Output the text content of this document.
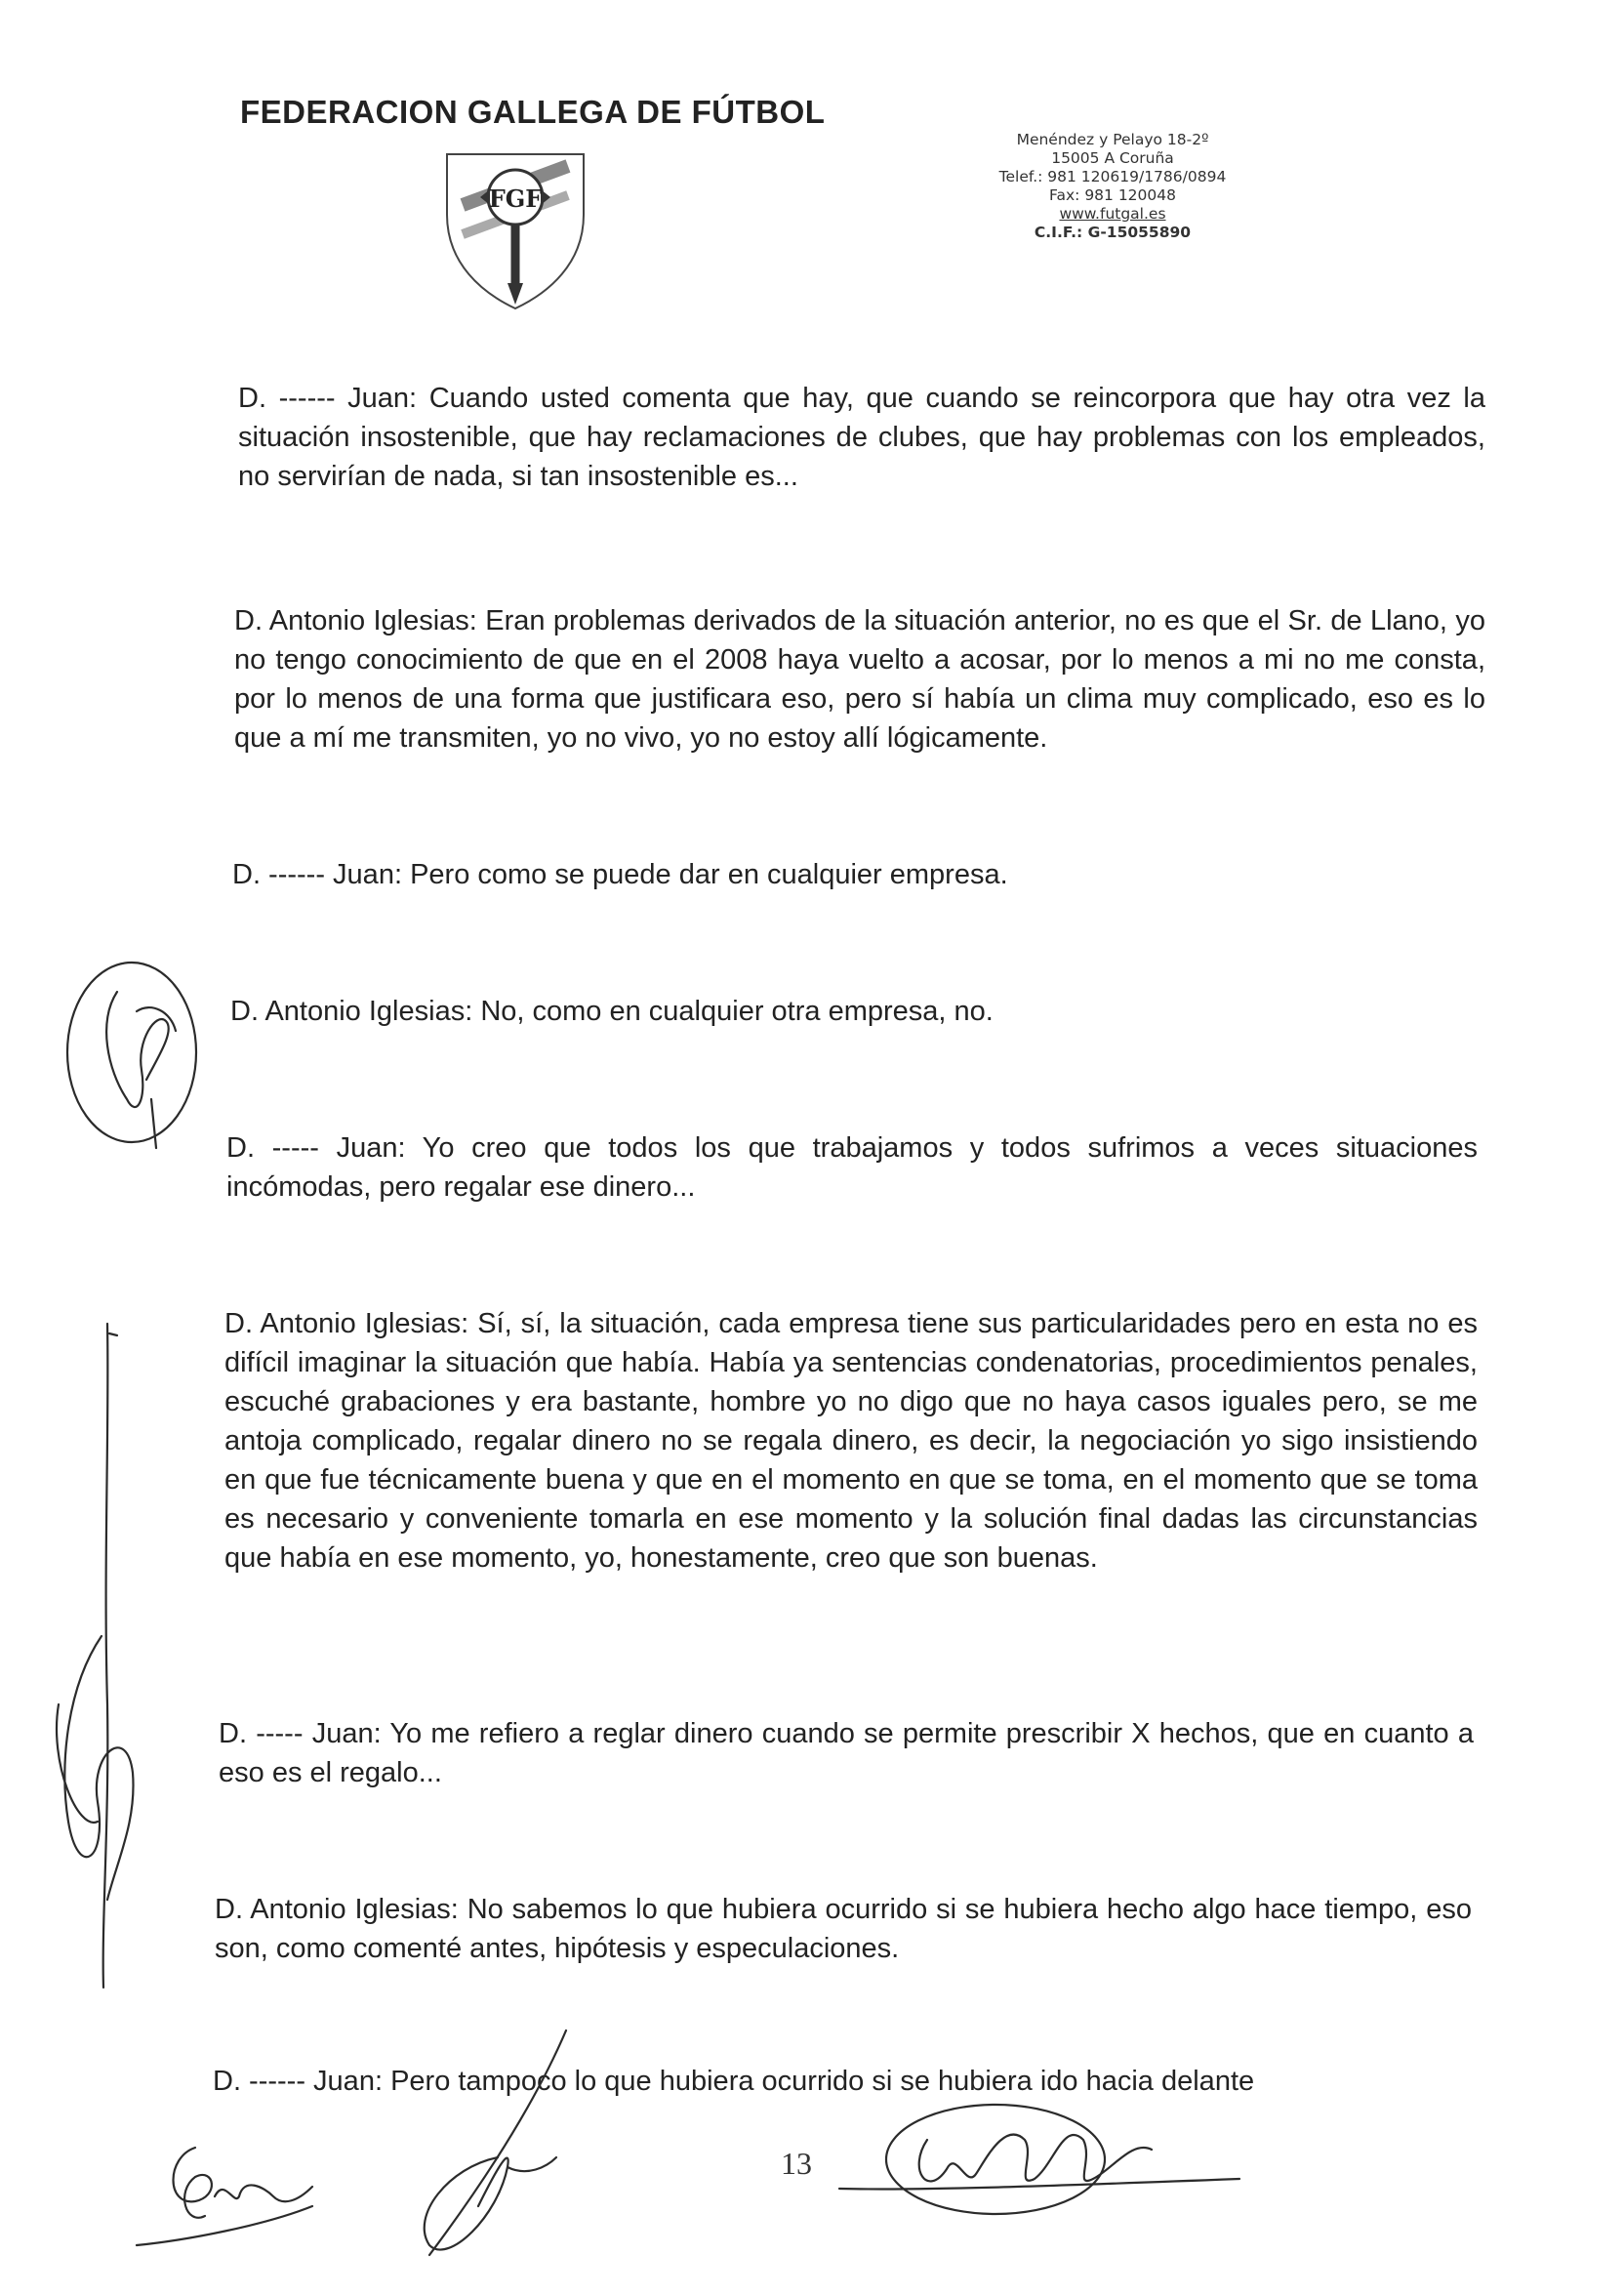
FEDERACION GALLEGA DE FÚTBOL
FGF
Menéndez y Pelayo 18-2º
15005 A Coruña
Telef.: 981 120619/1786/0894
Fax: 981 120048
www.futgal.es
C.I.F.: G-15055890
D. ------ Juan: Cuando usted comenta que hay, que cuando se reincorpora que hay otra vez la situación insostenible, que hay reclamaciones de clubes, que hay problemas con los empleados, no servirían de nada, si tan insostenible es...
D. Antonio Iglesias: Eran problemas derivados de la situación anterior, no es que el Sr. de Llano, yo no tengo conocimiento de que en el 2008 haya vuelto a acosar, por lo menos a mi no me consta, por lo menos de una forma que justificara eso, pero sí había un clima muy complicado, eso es lo que a mí me transmiten, yo no vivo, yo no estoy allí lógicamente.
D. ------ Juan: Pero como se puede dar en cualquier empresa.
D. Antonio Iglesias: No, como en cualquier otra empresa, no.
D. ----- Juan: Yo creo que todos los que trabajamos y todos sufrimos a veces situaciones incómodas, pero regalar ese dinero...
D. Antonio Iglesias: Sí, sí, la situación, cada empresa tiene sus particularidades pero en esta no es difícil imaginar la situación que había. Había ya sentencias condenatorias, procedimientos penales, escuché grabaciones y era bastante, hombre yo no digo que no haya casos iguales pero, se me antoja complicado, regalar dinero no se regala dinero, es decir, la negociación yo sigo insistiendo en que fue técnicamente buena y que en el momento en que se toma, en el momento que se toma es necesario y conveniente tomarla en ese momento y la solución final dadas las circunstancias que había en ese momento, yo, honestamente, creo que son buenas.
D. ----- Juan: Yo me refiero a reglar dinero cuando se permite prescribir X hechos, que en cuanto a eso es el regalo...
D. Antonio Iglesias: No sabemos lo que hubiera ocurrido si se hubiera hecho algo hace tiempo, eso son, como comenté antes, hipótesis y especulaciones.
D. ------ Juan: Pero tampoco lo que hubiera ocurrido si se hubiera ido hacia delante
13
